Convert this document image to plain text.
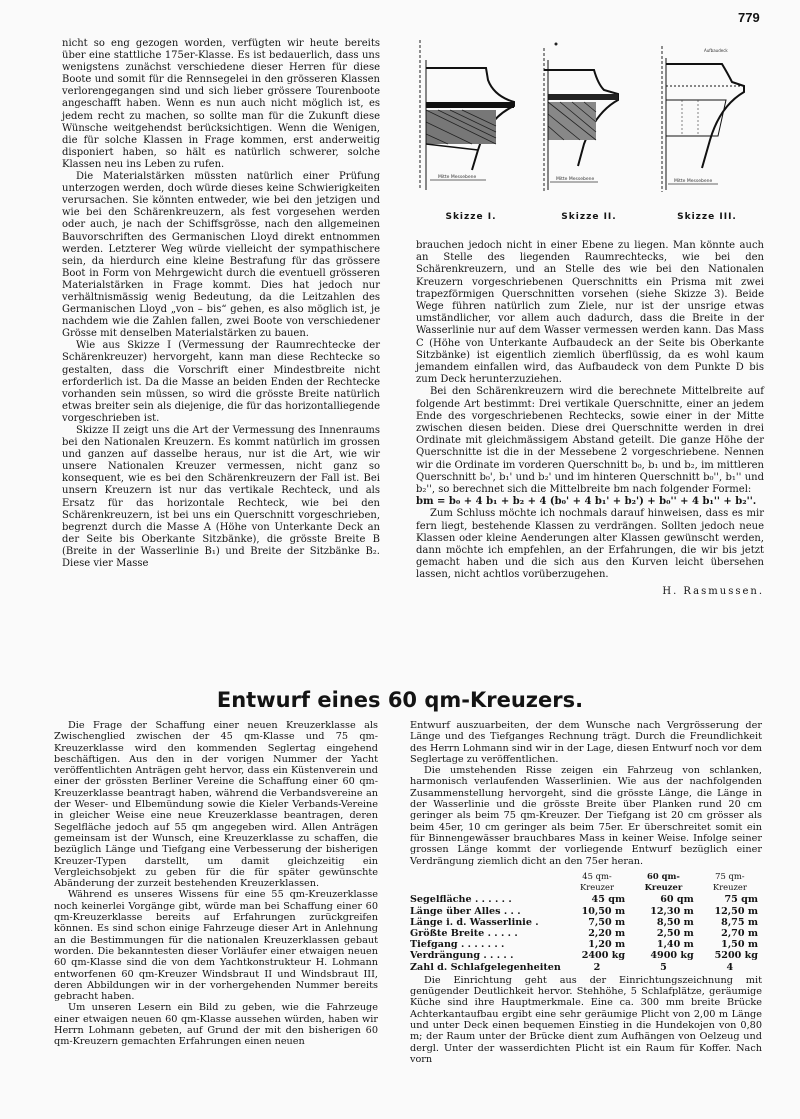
779

nicht so eng gezogen worden, verfügten wir heute bereits über eine stattliche 175er-Klasse. Es ist bedauerlich, dass uns wenigstens zunächst verschiedene dieser Herren für diese Boote und somit für die Rennsegelei in den grösseren Klassen verlorengegangen sind und sich lieber grössere Tourenboote angeschafft haben. Wenn es nun auch nicht möglich ist, es jedem recht zu machen, so sollte man für die Zukunft diese Wünsche weitgehendst berücksichtigen. Wenn die Wenigen, die für solche Klassen in Frage kommen, erst anderweitig disponiert haben, so hält es natürlich schwerer, solche Klassen neu ins Leben zu rufen.

Die Materialstärken müssten natürlich einer Prüfung unterzogen werden, doch würde dieses keine Schwierigkeiten verursachen. Sie könnten entweder, wie bei den jetzigen und wie bei den Schärenkreuzern, als fest vorgesehen werden oder auch, je nach der Schiffsgrösse, nach den allgemeinen Bauvorschriften des Germanischen Lloyd direkt entnommen werden. Letzterer Weg würde vielleicht der sympathischere sein, da hierdurch eine kleine Bestrafung für das grössere Boot in Form von Mehrgewicht durch die eventuell grösseren Materialstärken in Frage kommt. Dies hat jedoch nur verhältnismässig wenig Bedeutung, da die Leitzahlen des Germanischen Lloyd „von – bis“ gehen, es also möglich ist, je nachdem wie die Zahlen fallen, zwei Boote von verschiedener Grösse mit denselben Materialstärken zu bauen.

Wie aus Skizze I (Vermessung der Raumrechtecke der Schärenkreuzer) hervorgeht, kann man diese Rechtecke so gestalten, dass die Vorschrift einer Mindestbreite nicht erforderlich ist. Da die Masse an beiden Enden der Rechtecke vorhanden sein müssen, so wird die grösste Breite natürlich etwas breiter sein als diejenige, die für das horizontalliegende vorgeschrieben ist.

Skizze II zeigt uns die Art der Vermessung des Innenraums bei den Nationalen Kreuzern. Es kommt natürlich im grossen und ganzen auf dasselbe heraus, nur ist die Art, wie wir unsere Nationalen Kreuzer vermessen, nicht ganz so konsequent, wie es bei den Schärenkreuzern der Fall ist. Bei unsern Kreuzern ist nur das vertikale Rechteck, und als Ersatz für das horizontale Rechteck, wie bei den Schärenkreuzern, ist bei uns ein Querschnitt vorgeschrieben, begrenzt durch die Masse A (Höhe von Unterkante Deck an der Seite bis Oberkante Sitzbänke), die grösste Breite B (Breite in der Wasserlinie B₁) und Breite der Sitzbänke B₂. Diese vier Masse

Mitte Messebene	Mitte Messebene
Aufbaudeck
Mitte Messebene
Skizze I.	Skizze II.	Skizze III.

brauchen jedoch nicht in einer Ebene zu liegen. Man könnte auch an Stelle des liegenden Raumrechtecks, wie bei den Schärenkreuzern, und an Stelle des wie bei den Nationalen Kreuzern vorgeschriebenen Querschnitts ein Prisma mit zwei trapezförmigen Querschnitten vorsehen (siehe Skizze 3). Beide Wege führen natürlich zum Ziele, nur ist der unsrige etwas umständlicher, vor allem auch dadurch, dass die Breite in der Wasserlinie nur auf dem Wasser vermessen werden kann. Das Mass C (Höhe von Unterkante Aufbaudeck an der Seite bis Oberkante Sitzbänke) ist eigentlich ziemlich überflüssig, da es wohl kaum jemandem einfallen wird, das Aufbaudeck von dem Punkte D bis zum Deck herunterzuziehen.

Bei den Schärenkreuzern wird die berechnete Mittelbreite auf folgende Art bestimmt: Drei vertikale Querschnitte, einer an jedem Ende des vorgeschriebenen Rechtecks, sowie einer in der Mitte zwischen diesen beiden. Diese drei Querschnitte werden in drei Ordinate mit gleichmässigem Abstand geteilt. Die ganze Höhe der Querschnitte ist die in der Messebene 2 vorgeschriebene. Nennen wir die Ordinate im vorderen Querschnitt b₀, b₁ und b₂, im mittleren Querschnitt b₀', b₁' und b₂' und im hinteren Querschnitt b₀'', b₁'' und b₂'', so berechnet sich die Mittelbreite bm nach folgender Formel:

bm = b₀ + 4 b₁ + b₂ + 4 (b₀' + 4 b₁' + b₂') + b₀'' + 4 b₁'' + b₂''.

Zum Schluss möchte ich nochmals darauf hinweisen, dass es mir fern liegt, bestehende Klassen zu verdrängen. Sollten jedoch neue Klassen oder kleine Aenderungen alter Klassen gewünscht werden, dann möchte ich empfehlen, an der Erfahrungen, die wir bis jetzt gemacht haben und die sich aus den Kurven leicht übersehen lassen, nicht achtlos vorüberzugehen.

H. Rasmussen.
Entwurf eines 60 qm-Kreuzers.

Die Frage der Schaffung einer neuen Kreuzerklasse als Zwischenglied zwischen der 45 qm-Klasse und 75 qm-Kreuzerklasse wird den kommenden Seglertag eingehend beschäftigen. Aus den in der vorigen Nummer der Yacht veröffentlichten Anträgen geht hervor, dass ein Küstenverein und einer der grössten Berliner Vereine die Schaffung einer 60 qm-Kreuzerklasse beantragt haben, während die Verbandsvereine an der Weser- und Elbemündung sowie die Kieler Verbands-Vereine in gleicher Weise eine neue Kreuzerklasse beantragen, deren Segelfläche jedoch auf 55 qm angegeben wird. Allen Anträgen gemeinsam ist der Wunsch, eine Kreuzerklasse zu schaffen, die bezüglich Länge und Tiefgang eine Verbesserung der bisherigen Kreuzer-Typen darstellt, um damit gleichzeitig ein Vergleichsobjekt zu geben für die für später gewünschte Abänderung der zurzeit bestehenden Kreuzerklassen.

Während es unseres Wissens für eine 55 qm-Kreuzerklasse noch keinerlei Vorgänge gibt, würde man bei Schaffung einer 60 qm-Kreuzerklasse bereits auf Erfahrungen zurückgreifen können. Es sind schon einige Fahrzeuge dieser Art in Anlehnung an die Bestimmungen für die nationalen Kreuzerklassen gebaut worden. Die bekanntesten dieser Vorläufer einer etwaigen neuen 60 qm-Klasse sind die von dem Yachtkonstrukteur H. Lohmann entworfenen 60 qm-Kreuzer Windsbraut II und Windsbraut III, deren Abbildungen wir in der vorhergehenden Nummer bereits gebracht haben.

Um unseren Lesern ein Bild zu geben, wie die Fahrzeuge einer etwaigen neuen 60 qm-Klasse aussehen würden, haben wir Herrn Lohmann gebeten, auf Grund der mit den bisherigen 60 qm-Kreuzern gemachten Erfahrungen einen neuen

Entwurf auszuarbeiten, der dem Wunsche nach Vergrösserung der Länge und des Tiefganges Rechnung trägt. Durch die Freundlichkeit des Herrn Lohmann sind wir in der Lage, diesen Entwurf noch vor dem Seglertage zu veröffentlichen.

Die umstehenden Risse zeigen ein Fahrzeug von schlanken, harmonisch verlaufenden Wasserlinien. Wie aus der nachfolgenden Zusammenstellung hervorgeht, sind die grösste Länge, die Länge in der Wasserlinie und die grösste Breite über Planken rund 20 cm geringer als beim 75 qm-Kreuzer. Der Tiefgang ist 20 cm grösser als beim 45er, 10 cm geringer als beim 75er. Er überschreitet somit ein für Binnengewässer brauchbares Mass in keiner Weise. Infolge seiner grossen Länge kommt der vorliegende Entwurf bezüglich einer Verdrängung ziemlich dicht an den 75er heran.

	45 qm-Kreuzer	60 qm-Kreuzer	75 qm-Kreuzer
Segelfläche . . . . . .	45 qm	60 qm	75 qm
Länge über Alles . . .	10,50 m	12,30 m	12,50 m
Länge i. d. Wasserlinie .	7,50 m	8,50 m	8,75 m
Größte Breite . . . . .	2,20 m	2,50 m	2,70 m
Tiefgang . . . . . . .	1,20 m	1,40 m	1,50 m
Verdrängung . . . . .	2400 kg	4900 kg	5200 kg
Zahl d. Schlafgelegenheiten	2	5	4

Die Einrichtung geht aus der Einrichtungszeichnung mit genügender Deutlichkeit hervor. Stehhöhe, 5 Schlafplätze, geräumige Küche sind ihre Hauptmerkmale. Eine ca. 300 mm breite Brücke Achterkantaufbau ergibt eine sehr geräumige Plicht von 2,00 m Länge und unter Deck einen bequemen Einstieg in die Hundekojen von 0,80 m; der Raum unter der Brücke dient zum Aufhängen von Oelzeug und dergl. Unter der wasserdichten Plicht ist ein Raum für Koffer. Nach vorn
